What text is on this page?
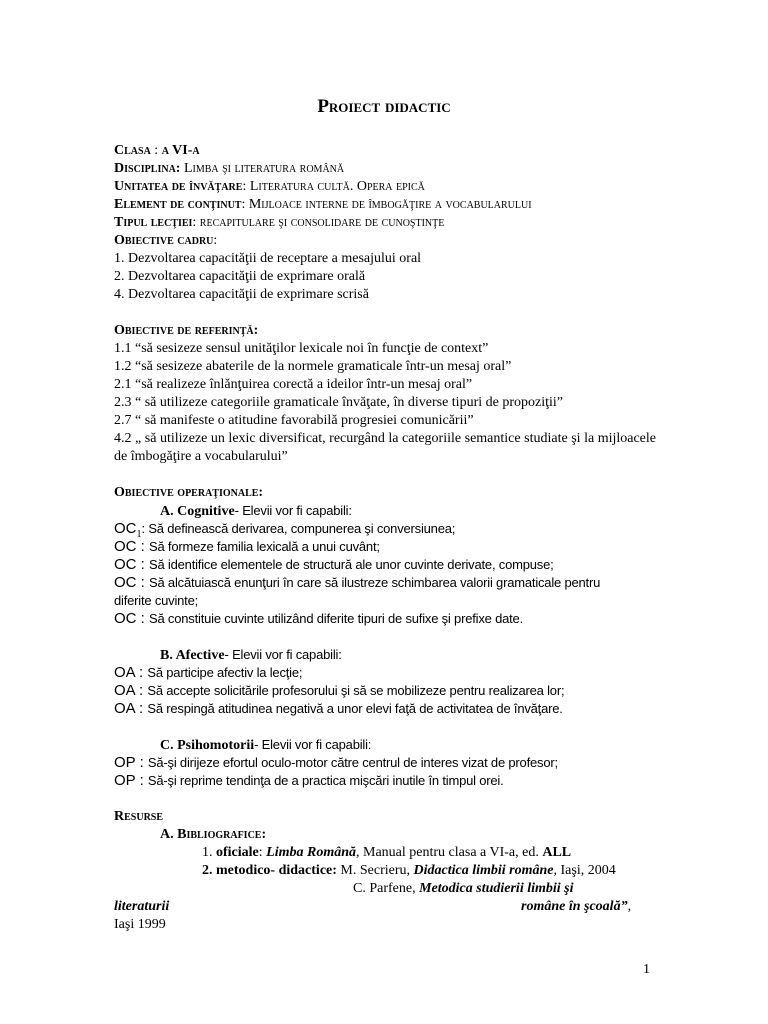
Proiect didactic
Clasa : a VI-a
Disciplina: Limba şi literatura română
Unitatea de învăţare: Literatura cultă. Opera epică
Element de conţinut: Mijloace interne de îmbogăţire a vocabularului
Tipul lecţiei: recapitulare şi consolidare de cunoştinţe
Obiective cadru:
1. Dezvoltarea capacităţii de receptare a mesajului oral
2. Dezvoltarea capacităţii de exprimare orală
4. Dezvoltarea capacităţii de exprimare scrisă
Obiective de referinţă:
1.1 “să sesizeze sensul unităţilor lexicale noi în funcţie de context”
1.2 “să sesizeze abaterile de la normele gramaticale într-un mesaj oral”
2.1 “să realizeze înlănţuirea corectă a ideilor într-un mesaj oral”
2.3 “ să utilizeze categoriile gramaticale învăţate, în diverse tipuri de propoziţii”
2.7 “ să manifeste o atitudine favorabilă progresiei comunicării”
4.2 „ să utilizeze un lexic diversificat, recurgând la categoriile semantice studiate şi la mijloacele de îmbogăţire a vocabularului”
Obiective operaţionale:
A. Cognitive- Elevii vor fi capabili:
$OC_1$: Să definească derivarea, compunerea şi conversiunea;
OC : Să formeze familia lexicală a unui cuvânt;
OC : Să identifice elementele de structură ale unor cuvinte derivate, compuse;
OC : Să alcătuiască enunţuri în care să ilustreze schimbarea valorii gramaticale pentru
diferite cuvinte;
OC : Să constituie cuvinte utilizând diferite tipuri de sufixe şi prefixe date.
B. Afective- Elevii vor fi capabili:
OA : Să participe afectiv la lecţie;
OA : Să accepte solicitările profesorului şi să se mobilizeze pentru realizarea lor;
OA : Să respingă atitudinea negativă a unor elevi faţă de activitatea de învăţare.
C. Psihomotorii- Elevii vor fi capabili:
OP : Să-şi dirijeze efortul oculo-motor către centrul de interes vizat de profesor;
OP : Să-şi reprime tendinţa de a practica mişcări inutile în timpul orei.
Resurse
A. Bibliografice:
1. oficiale: Limba Română, Manual pentru clasa a VI-a, ed. ALL
2. metodico- didactice: M. Secrieru, Didactica limbii române, Iaşi, 2004
C. Parfene, Metodica studierii limbii şi
literaturii	române în şcoală”,
Iaşi 1999
1
